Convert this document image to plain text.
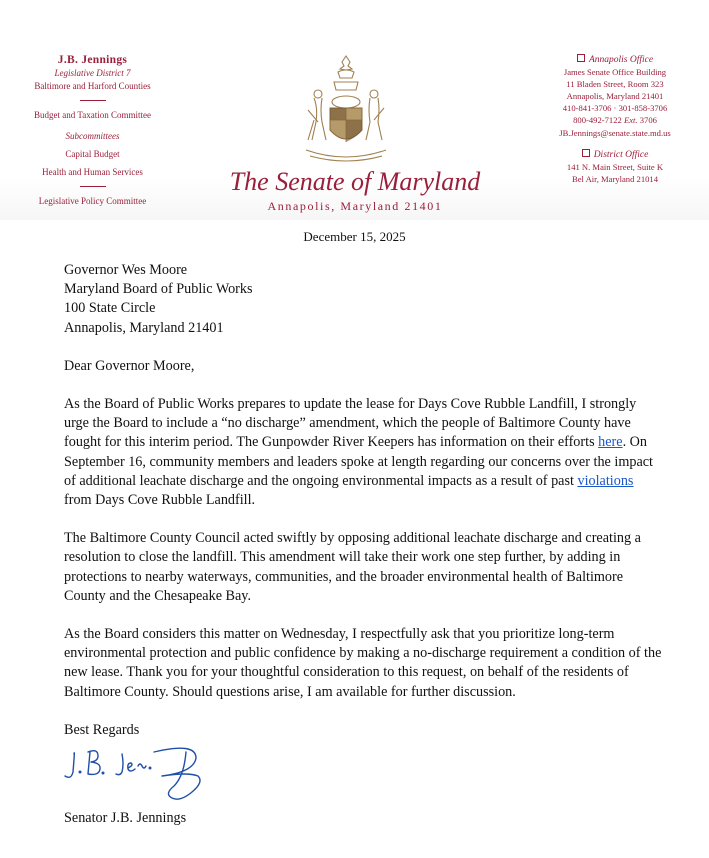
J.B. Jennings
Legislative District 7
Baltimore and Harford Counties
Budget and Taxation Committee
Subcommittees
Capital Budget
Health and Human Services
Legislative Policy Committee
The Senate of Maryland
Annapolis, Maryland 21401
Annapolis Office
James Senate Office Building
11 Bladen Street, Room 323
Annapolis, Maryland 21401
410-841-3706 · 301-858-3706
800-492-7122 Ext. 3706
JB.Jennings@senate.state.md.us
District Office
141 N. Main Street, Suite K
Bel Air, Maryland 21014
December 15, 2025

Governor Wes Moore

Maryland Board of Public Works

100 State Circle

Annapolis, Maryland 21401

Dear Governor Moore,

As the Board of Public Works prepares to update the lease for Days Cove Rubble Landfill, I strongly urge the Board to include a “no discharge” amendment, which the people of Baltimore County have fought for this interim period. The Gunpowder River Keepers has information on their efforts here. On September 16, community members and leaders spoke at length regarding our concerns over the impact of additional leachate discharge and the ongoing environmental impacts as a result of past violations from Days Cove Rubble Landfill.

The Baltimore County Council acted swiftly by opposing additional leachate discharge and creating a resolution to close the landfill. This amendment will take their work one step further, by adding in protections to nearby waterways, communities, and the broader environmental health of Baltimore County and the Chesapeake Bay.

As the Board considers this matter on Wednesday, I respectfully ask that you prioritize long-term environmental protection and public confidence by making a no-discharge requirement a condition of the new lease. Thank you for your thoughtful consideration to this request, on behalf of the residents of Baltimore County. Should questions arise, I am available for further discussion.

Best Regards

Senator J.B. Jennings
